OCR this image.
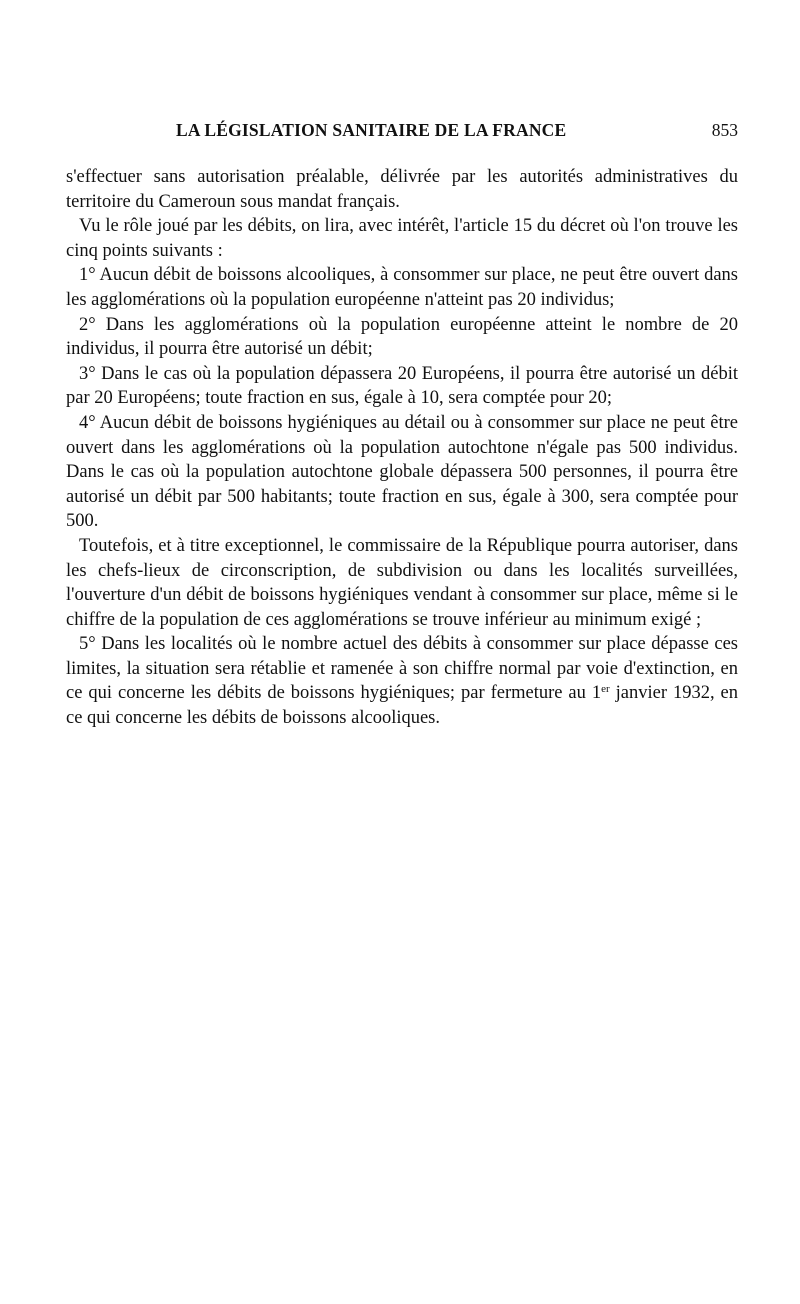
LA LÉGISLATION SANITAIRE DE LA FRANCE	853

s'effectuer sans autorisation préalable, délivrée par les autorités administratives du territoire du Cameroun sous mandat français.

Vu le rôle joué par les débits, on lira, avec intérêt, l'article 15 du décret où l'on trouve les cinq points suivants :

1° Aucun débit de boissons alcooliques, à consommer sur place, ne peut être ouvert dans les agglomérations où la population européenne n'atteint pas 20 individus;

2° Dans les agglomérations où la population européenne atteint le nombre de 20 individus, il pourra être autorisé un débit;

3° Dans le cas où la population dépassera 20 Européens, il pourra être autorisé un débit par 20 Européens; toute fraction en sus, égale à 10, sera comptée pour 20;

4° Aucun débit de boissons hygiéniques au détail ou à consommer sur place ne peut être ouvert dans les agglomérations où la population autochtone n'égale pas 500 individus. Dans le cas où la population autochtone globale dépassera 500 personnes, il pourra être autorisé un débit par 500 habitants; toute fraction en sus, égale à 300, sera comptée pour 500.

Toutefois, et à titre exceptionnel, le commissaire de la République pourra autoriser, dans les chefs-lieux de circonscription, de subdivision ou dans les localités surveillées, l'ouverture d'un débit de boissons hygiéniques vendant à consommer sur place, même si le chiffre de la population de ces agglomérations se trouve inférieur au minimum exigé ;

5° Dans les localités où le nombre actuel des débits à consommer sur place dépasse ces limites, la situation sera rétablie et ramenée à son chiffre normal par voie d'extinction, en ce qui concerne les débits de boissons hygiéniques; par fermeture au 1er janvier 1932, en ce qui concerne les débits de boissons alcooliques.
